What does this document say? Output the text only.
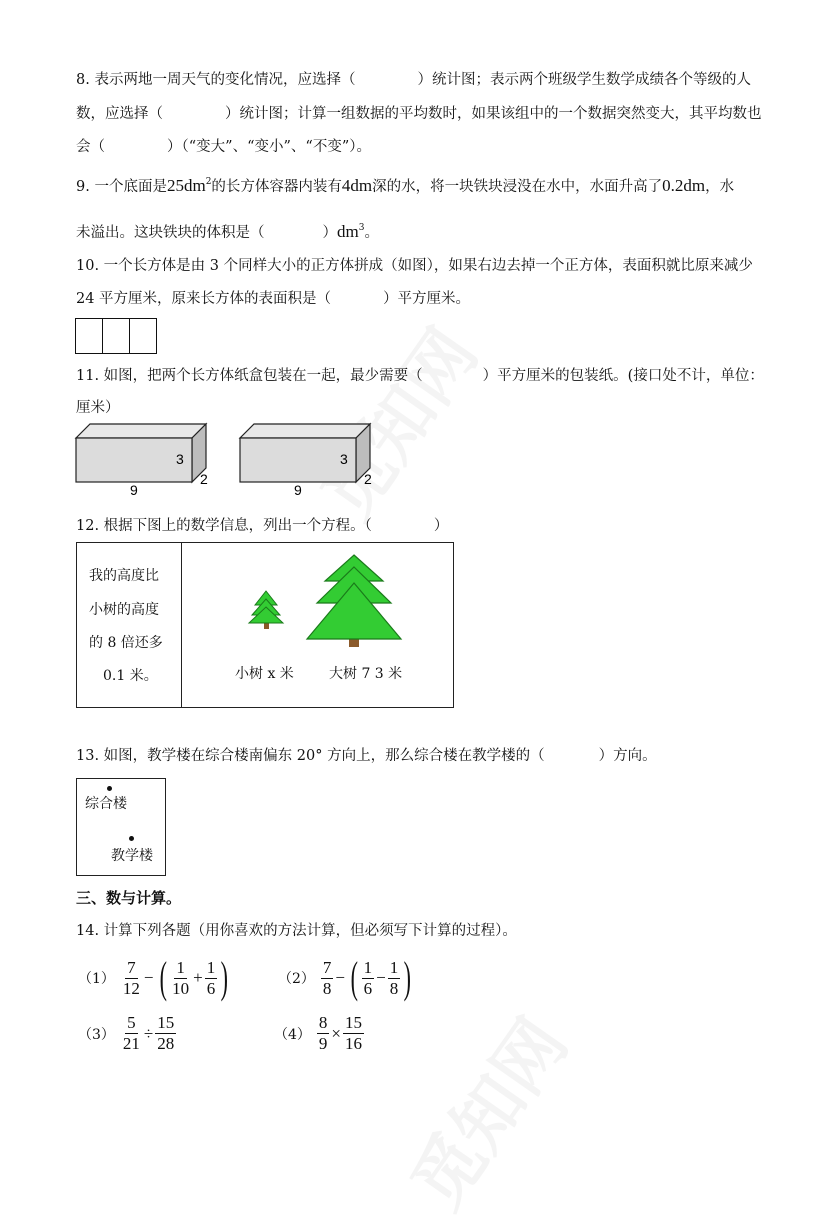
8. 表示两地一周天气的变化情况，应选择（	）统计图；表示两个班级学生数学成绩各个等级的人
数，应选择（	）统计图；计算一组数据的平均数时，如果该组中的一个数据突然变大，其平均数也
会（	）（“变大”、“变小”、“不变”）。
9. 一个底面是$25dm^2$的长方体容器内装有4dm深的水，将一块铁块浸没在水中，水面升高了0.2dm，水
未溢出。这块铁块的体积是（	）$dm^3$。
10. 一个长方体是由 3 个同样大小的正方体拼成（如图），如果右边去掉一个正方体，表面积就比原来减少
24 平方厘米，原来长方体的表面积是（	）平方厘米。
11. 如图，把两个长方体纸盒包装在一起，最少需要（	）平方厘米的包装纸。(接口处不计，单位：
厘米）
3
9
2
3
9
2
12. 根据下图上的数学信息，列出一个方程。（	）
我的高度比
小树的高度
的 8 倍还多
0.1 米。	小树 x 米	大树 7 3 米
13. 如图，教学楼在综合楼南偏东 20° 方向上，那么综合楼在教学楼的（	）方向。
综合楼
教学楼
三、数与计算。
14. 计算下列各题（用你喜欢的方法计算，但必须写下计算的过程）。
$(1) \frac{7}{12}$ − ( $\frac{1}{10} + \frac{1}{6}$ )	$(2) \frac{7}{8}$ − ( $\frac{1}{6} - \frac{1}{8}$ )
$(3) \frac{5}{21} \div \frac{15}{28}$	$(4) \frac{8}{9} \times \frac{15}{16}$
